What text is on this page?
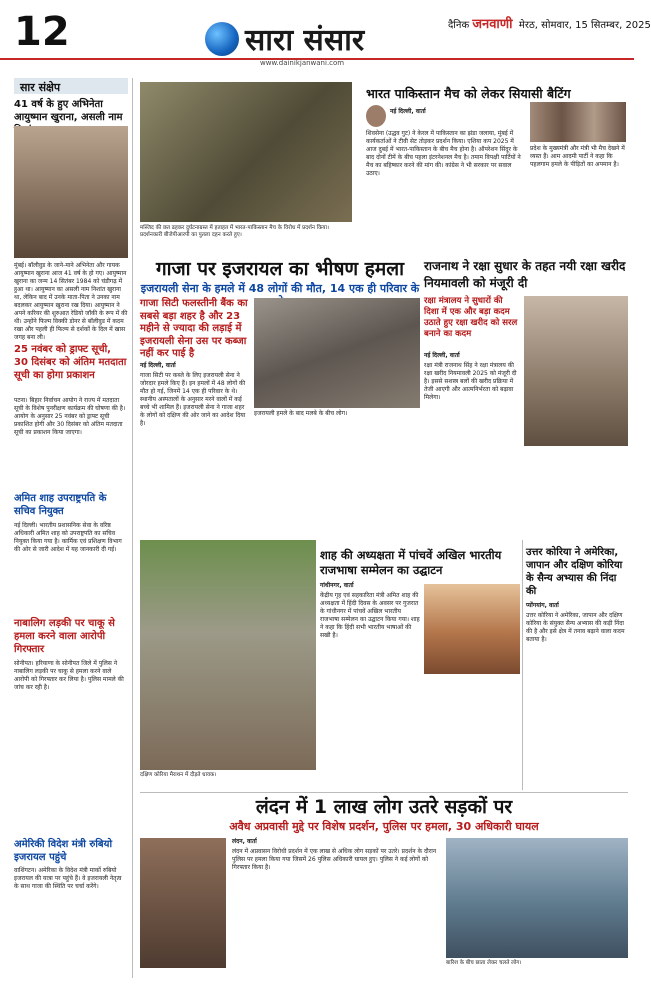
12	सारा संसार	दैनिक जनवाणी मेरठ, सोमवार, 15 सितम्बर, 2025
www.dainikjanwani.com
सार संक्षेप
41 वर्ष के हुए अभिनेता आयुष्मान खुराना, असली नाम
मुंबई। बॉलीवुड के जाने-माने अभिनेता और गायक आयुष्मान खुराना आज 41 वर्ष के हो गए। आयुष्मान खुराना का जन्म 14 सितंबर 1984 को चंडीगढ़ में हुआ था। आयुष्मान का असली नाम निशांत खुराना था, लेकिन बाद में उनके माता-पिता ने उनका नाम बदलकर आयुष्मान खुराना रख दिया। आयुष्मान ने अपने करियर की शुरुआत रेडियो जॉकी के रूप में की थी। उन्होंने फिल्म विक्की डोनर से बॉलीवुड में कदम रखा और पहली ही फिल्म से दर्शकों के दिल में खास जगह बना ली।
25 नवंबर को ड्राफ्ट सूची, 30 दिसंबर को अंतिम मतदाता सूची का होगा प्रकाशन
पटना। बिहार निर्वाचन आयोग ने राज्य में मतदाता सूची के विशेष पुनरीक्षण कार्यक्रम की घोषणा की है। आयोग के अनुसार 25 नवंबर को ड्राफ्ट सूची प्रकाशित होगी और 30 दिसंबर को अंतिम मतदाता सूची का प्रकाशन किया जाएगा।
अमित शाह उपराष्ट्रपति के सचिव नियुक्त
नई दिल्ली। भारतीय प्रशासनिक सेवा के वरिष्ठ अधिकारी अमित शाह को उपराष्ट्रपति का सचिव नियुक्त किया गया है। कार्मिक एवं प्रशिक्षण विभाग की ओर से जारी आदेश में यह जानकारी दी गई।
नाबालिग लड़की पर चाकू से हमला करने वाला आरोपी गिरफ्तार
सोनीपत। हरियाणा के सोनीपत जिले में पुलिस ने नाबालिग लड़की पर चाकू से हमला करने वाले आरोपी को गिरफ्तार कर लिया है। पुलिस मामले की जांच कर रही है।
अमेरिकी विदेश मंत्री रुबियो इजरायल पहुंचे
वाशिंगटन। अमेरिका के विदेश मंत्री मार्को रुबियो इजरायल की यात्रा पर पहुंचे हैं। वे इजरायली नेतृत्व के साथ गाजा की स्थिति पर चर्चा करेंगे।
मस्जिद की छत ढहकर दुर्घटनाग्रस्त में हताहत में भारत-पाकिस्तान मैच के विरोध में प्रदर्शन किया। प्रदर्शनकारी बीजेपीआरपी का पुतला दहन करते हुए।
भारत पाकिस्तान मैच को लेकर सियासी बैटिंग
नई दिल्ली, वार्ता
शिवसेना (उद्धव गुट) ने केरल में पाकिस्तान का झंडा जलाया, मुंबई में कार्यकर्ताओं ने टीवी सेट तोड़कर प्रदर्शन किया। एशिया कप 2025 में आज दुबई में भारत-पाकिस्तान के बीच मैच होना है। ऑपरेशन सिंदूर के बाद दोनों टीमें के बीच पहला इंटरनेशनल मैच है। तमाम विपक्षी पार्टियों ने मैच का बहिष्कार करने की मांग की। कांग्रेस ने भी सरकार पर सवाल उठाए।
प्रदेश के मुख्यमंत्री और मंत्री भी मैच देखने में व्यस्त हैं। आम आदमी पार्टी ने कहा कि पहलगाम हमले के पीड़ितों का अपमान है।
गाजा पर इजरायल का भीषण हमला
इजरायली सेना के हमले में 48 लोगों की मौत, 14 एक ही परिवार के
गाजा सिटी फलस्तीनी बैंक का सबसे बड़ा शहर है और 23 महीने से ज्यादा की लड़ाई में इजरायली सेना उस पर कब्जा नहीं कर पाई है
नई दिल्ली, वार्ता
गाजा सिटी पर कब्जे के लिए इजरायली सेना ने जोरदार हमले किए हैं। इन हमलों में 48 लोगों की मौत हो गई, जिनमें 14 एक ही परिवार के थे। स्थानीय अस्पतालों के अनुसार मरने वालों में कई बच्चे भी शामिल हैं। इजरायली सेना ने गाजा शहर के लोगों को दक्षिण की ओर जाने का आदेश दिया है।
इजरायली हमले के बाद मलबे के बीच लोग।
राजनाथ ने रक्षा सुधार के तहत नयी रक्षा खरीद नियमावली को मंजूरी दी
रक्षा मंत्रालय ने सुधारों की दिशा में एक और बड़ा कदम उठाते हुए रक्षा खरीद को सरल बनाने का कदम
नई दिल्ली, वार्ता
रक्षा मंत्री राजनाथ सिंह ने रक्षा मंत्रालय की रक्षा खरीद नियमावली 2025 को मंजूरी दी है। इससे सशस्त्र बलों की खरीद प्रक्रिया में तेजी आएगी और आत्मनिर्भरता को बढ़ावा मिलेगा।
शाह की अध्यक्षता में पांचवें अखिल भारतीय राजभाषा सम्मेलन का उद्घाटन
गांधीनगर, वार्ता
केंद्रीय गृह एवं सहकारिता मंत्री अमित शाह की अध्यक्षता में हिंदी दिवस के अवसर पर गुजरात के गांधीनगर में पांचवें अखिल भारतीय राजभाषा सम्मेलन का उद्घाटन किया गया। शाह ने कहा कि हिंदी सभी भारतीय भाषाओं की सखी है।
दक्षिण कोरिया मैराथन में दौड़ते धावक।
उत्तर कोरिया ने अमेरिका, जापान और दक्षिण कोरिया के सैन्य अभ्यास की निंदा की
प्योंगयांग, वार्ता
उत्तर कोरिया ने अमेरिका, जापान और दक्षिण कोरिया के संयुक्त सैन्य अभ्यास की कड़ी निंदा की है और इसे क्षेत्र में तनाव बढ़ाने वाला कदम बताया है।
लंदन में 1 लाख लोग उतरे सड़कों पर
अवैध अप्रवासी मुद्दे पर विशेष प्रदर्शन, पुलिस पर हमला, 30 अधिकारी घायल
लंदन, वार्ता
लंदन में अप्रवासन विरोधी प्रदर्शन में एक लाख से अधिक लोग सड़कों पर उतरे। प्रदर्शन के दौरान पुलिस पर हमला किया गया जिसमें 26 पुलिस अधिकारी घायल हुए। पुलिस ने कई लोगों को गिरफ्तार किया है।
बारिश के बीच छाता लेकर चलते लोग।
